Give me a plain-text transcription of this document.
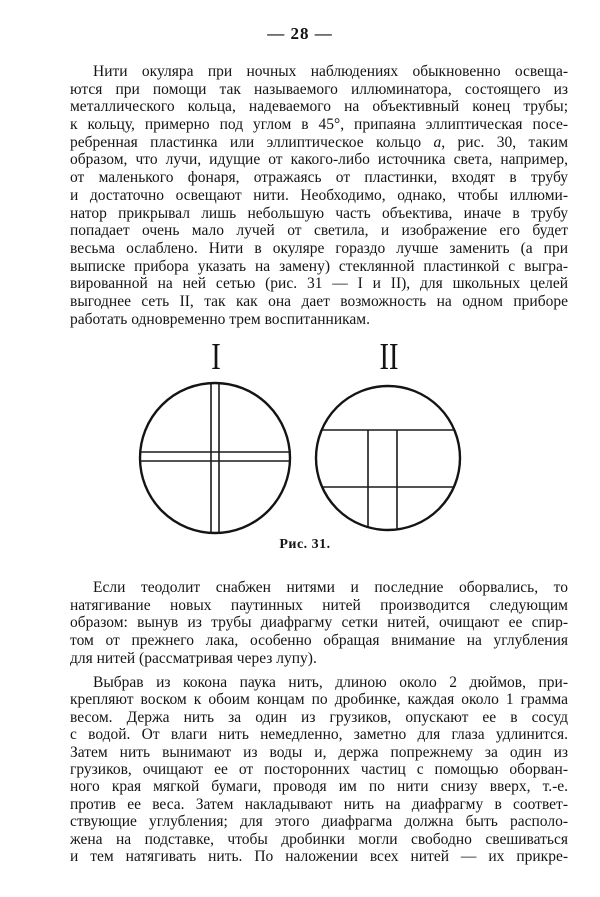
— 28 —
Нити окуляра при ночных наблюдениях обыкновенно освеща-
ются при помощи так называемого иллюминатора, состоящего из
металлического кольца, надеваемого на объективный конец трубы;
к кольцу, примерно под углом в 45°, припаяна эллиптическая посе-
ребренная пластинка или эллиптическое кольцо a, рис. 30, таким
образом, что лучи, идущие от какого-либо источника света, например,
от маленького фонаря, отражаясь от пластинки, входят в трубу
и достаточно освещают нити. Необходимо, однако, чтобы иллюми-
натор прикрывал лишь небольшую часть объектива, иначе в трубу
попадает очень мало лучей от светила, и изображение его будет
весьма ослаблено. Нити в окуляре гораздо лучше заменить (а при
выписке прибора указать на замену) стеклянной пластинкой с выгра-
вированной на ней сетью (рис. 31 — I и II), для школьных целей
выгоднее сеть II, так как она дает возможность на одном приборе
работать одновременно трем воспитанникам.
I	II
Рис. 31.
Если теодолит снабжен нитями и последние оборвались, то
натягивание новых паутинных нитей производится следующим
образом: вынув из трубы диафрагму сетки нитей, очищают ее спир-
том от прежнего лака, особенно обращая внимание на углубления
для нитей (рассматривая через лупу).
Выбрав из кокона паука нить, длиною около 2 дюймов, при-
крепляют воском к обоим концам по дробинке, каждая около 1 грамма
весом. Держа нить за один из грузиков, опускают ее в сосуд
с водой. От влаги нить немедленно, заметно для глаза удлинится.
Затем нить вынимают из воды и, держа попрежнему за один из
грузиков, очищают ее от посторонних частиц с помощью оборван-
ного края мягкой бумаги, проводя им по нити снизу вверх, т.-е.
против ее веса. Затем накладывают нить на диафрагму в соответ-
ствующие углубления; для этого диафрагма должна быть располо-
жена на подставке, чтобы дробинки могли свободно свешиваться
и тем натягивать нить. По наложении всех нитей — их прикре-
